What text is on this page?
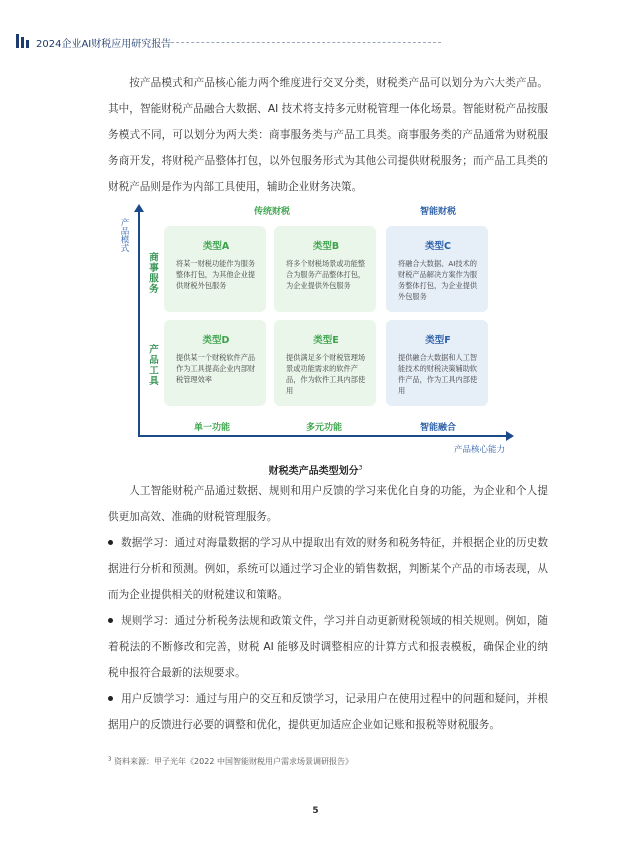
2024企业AI财税应用研究报告

按产品模式和产品核心能力两个维度进行交叉分类，财税类产品可以划分为六大类产品。其中，智能财税产品融合大数据、AI 技术将支持多元财税管理一体化场景。智能财税产品按服务模式不同，可以划分为两大类：商事服务类与产品工具类。商事服务类的产品通常为财税服务商开发，将财税产品整体打包，以外包服务形式为其他公司提供财税服务；而产品工具类的财税产品则是作为内部工具使用，辅助企业财务决策。

产品模式
产品核心能力
传统财税	智能财税
商事服务
产品工具
类型A
将某一财税功能作为服务整体打包，为其他企业提供财税外包服务
类型B
将多个财税场景或功能整合为服务产品整体打包，为企业提供外包服务
类型C
将融合大数据、AI技术的财税产品解决方案作为服务整体打包，为企业提供外包服务
类型D
提供某一个财税软件产品作为工具提高企业内部财税管理效率
类型E
提供满足多个财税管理场景或功能需求的软件产品，作为软件工具内部使用
类型F
提供融合大数据和人工智能技术的财税决策辅助软件产品，作为工具内部使用
单一功能	多元功能	智能融合
财税类产品类型划分$^3$

人工智能财税产品通过数据、规则和用户反馈的学习来优化自身的功能，为企业和个人提供更加高效、准确的财税管理服务。

数据学习：通过对海量数据的学习从中提取出有效的财务和税务特征，并根据企业的历史数据进行分析和预测。例如，系统可以通过学习企业的销售数据，判断某个产品的市场表现，从而为企业提供相关的财税建议和策略。

规则学习：通过分析税务法规和政策文件，学习并自动更新财税领域的相关规则。例如，随着税法的不断修改和完善，财税 AI 能够及时调整相应的计算方式和报表模板，确保企业的纳税申报符合最新的法规要求。

用户反馈学习：通过与用户的交互和反馈学习，记录用户在使用过程中的问题和疑问，并根据用户的反馈进行必要的调整和优化，提供更加适应企业如记账和报税等财税服务。

$^3$ 资料来源：甲子光年《2022 中国智能财税用户需求场景调研报告》
5
